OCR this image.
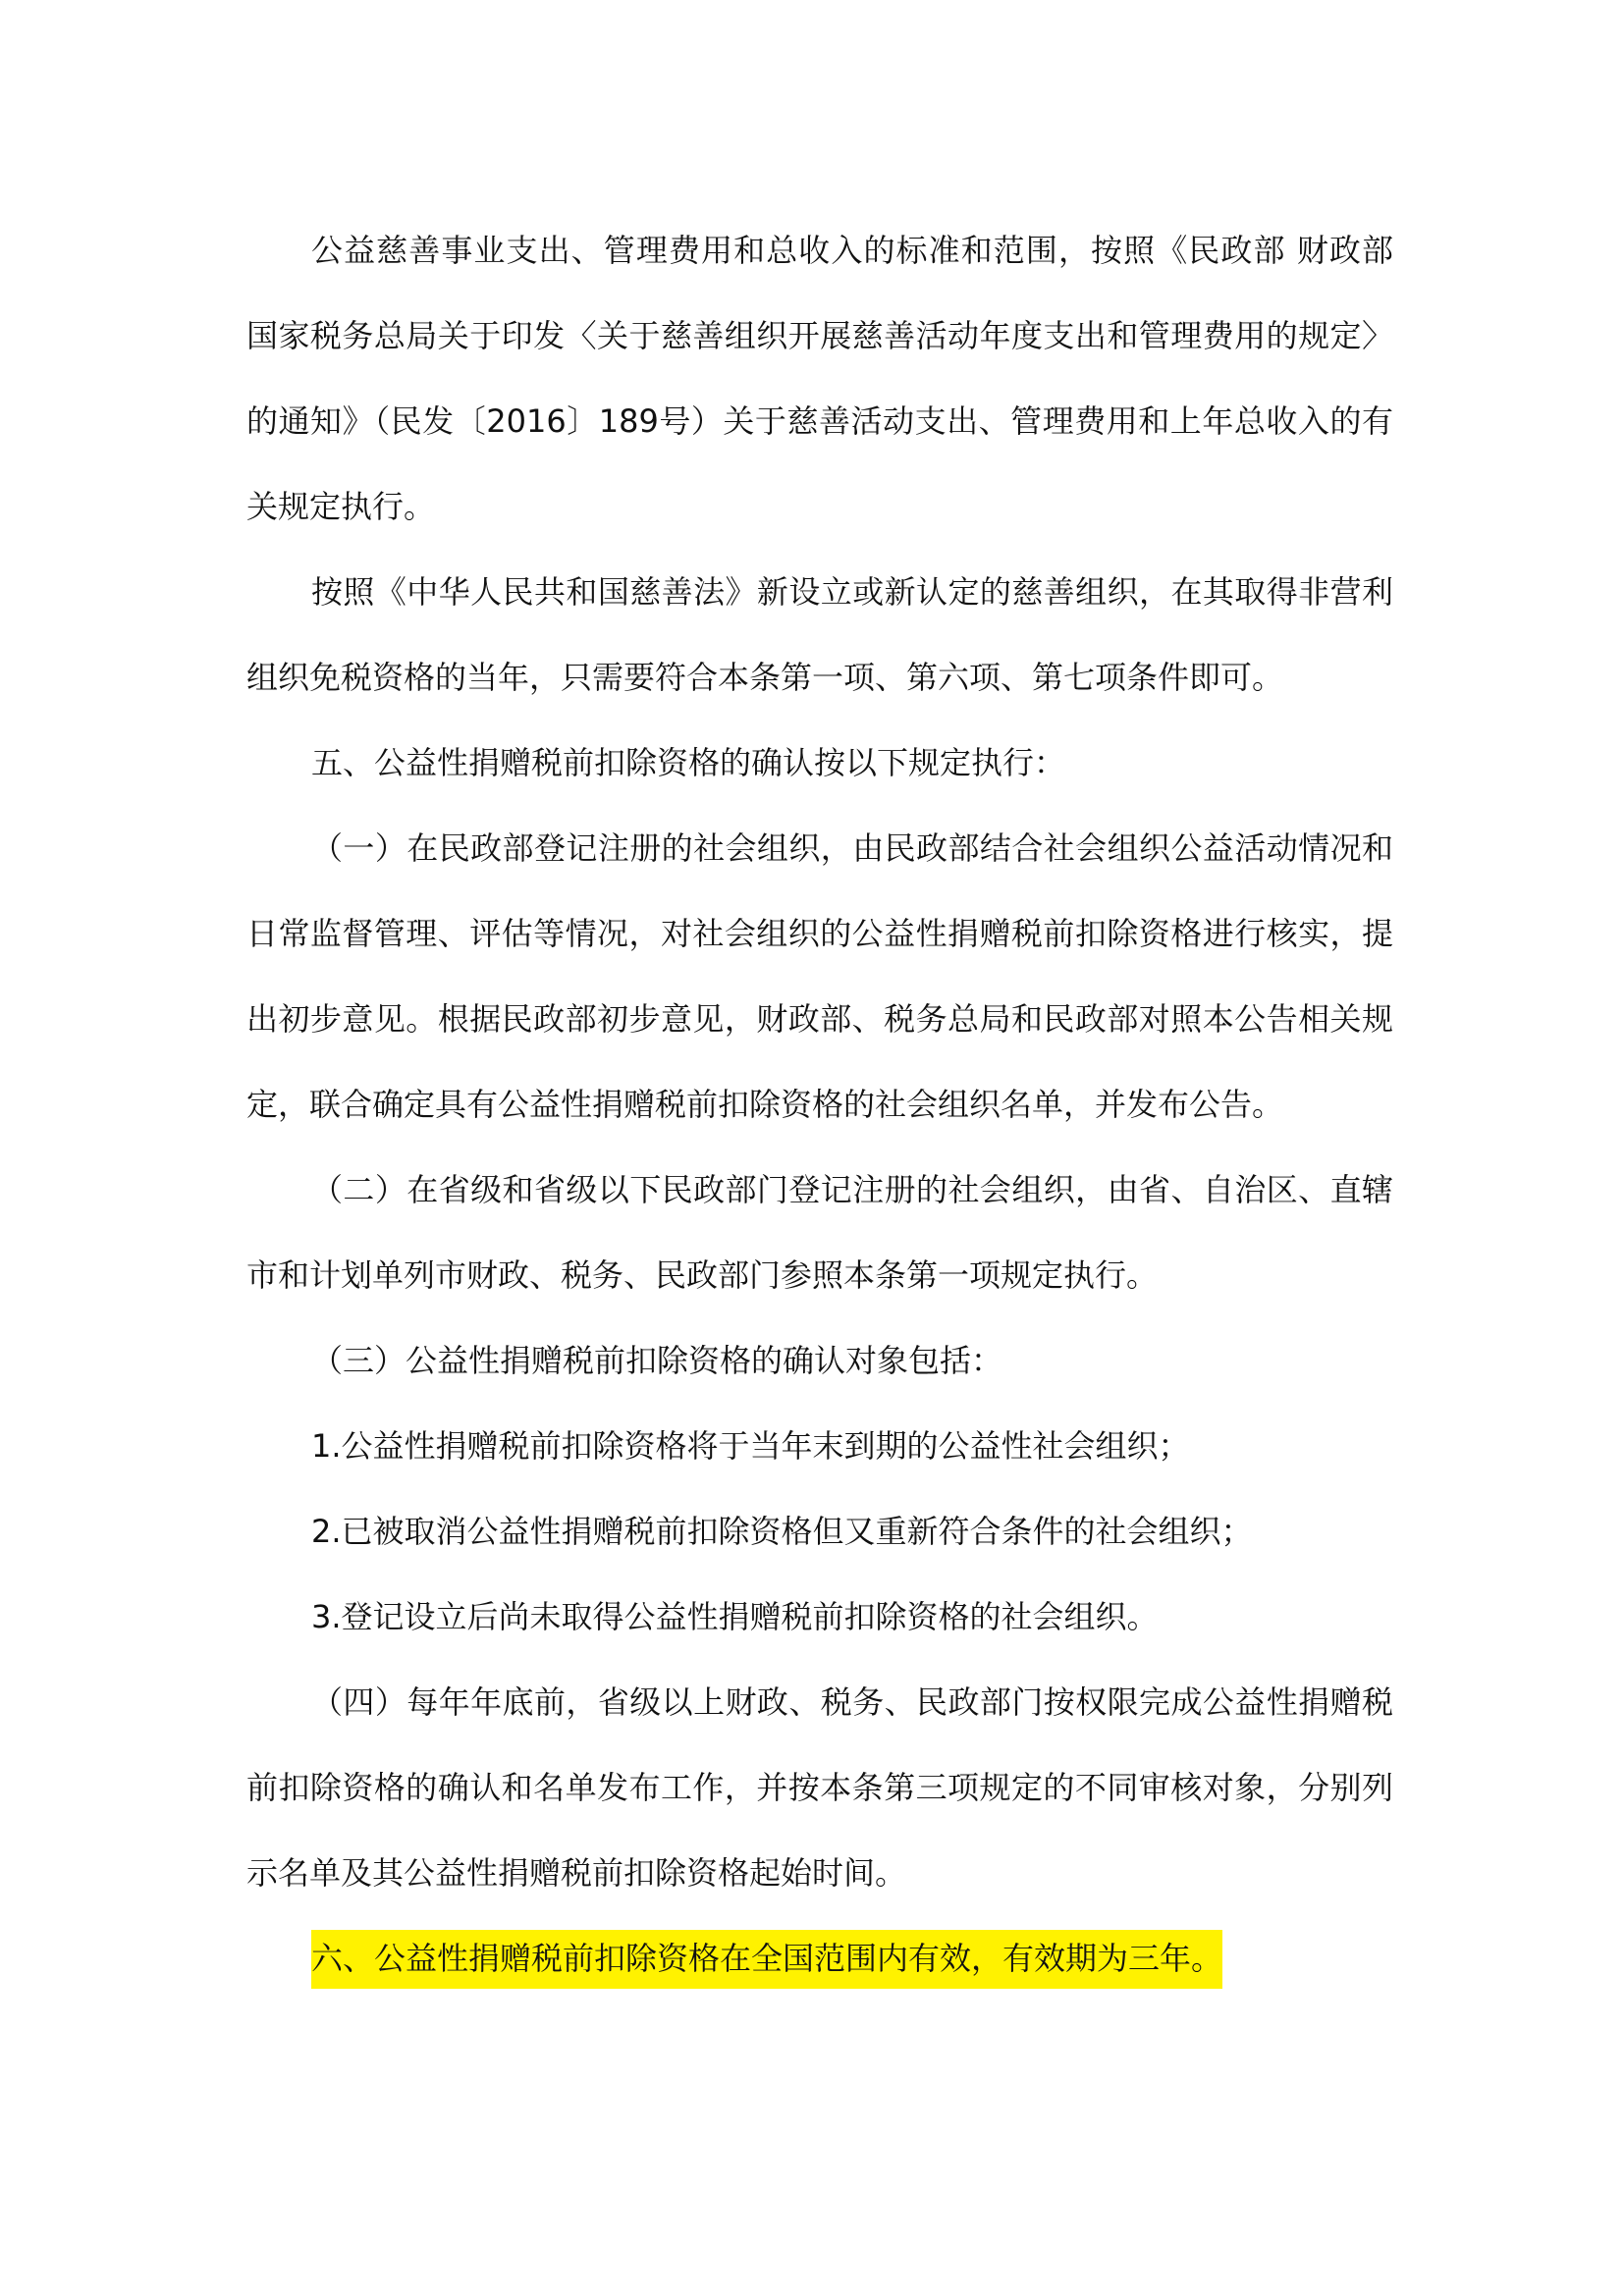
公益慈善事业支出、管理费用和总收入的标准和范围，按照《民政部 财政部 国家税务总局关于印发〈关于慈善组织开展慈善活动年度支出和管理费用的规定〉的通知》（民发〔2016〕189号）关于慈善活动支出、管理费用和上年总收入的有关规定执行。

按照《中华人民共和国慈善法》新设立或新认定的慈善组织，在其取得非营利组织免税资格的当年，只需要符合本条第一项、第六项、第七项条件即可。

五、公益性捐赠税前扣除资格的确认按以下规定执行：

（一）在民政部登记注册的社会组织，由民政部结合社会组织公益活动情况和日常监督管理、评估等情况，对社会组织的公益性捐赠税前扣除资格进行核实，提出初步意见。根据民政部初步意见，财政部、税务总局和民政部对照本公告相关规定，联合确定具有公益性捐赠税前扣除资格的社会组织名单，并发布公告。

（二）在省级和省级以下民政部门登记注册的社会组织，由省、自治区、直辖市和计划单列市财政、税务、民政部门参照本条第一项规定执行。

（三）公益性捐赠税前扣除资格的确认对象包括：

1.公益性捐赠税前扣除资格将于当年末到期的公益性社会组织；

2.已被取消公益性捐赠税前扣除资格但又重新符合条件的社会组织；

3.登记设立后尚未取得公益性捐赠税前扣除资格的社会组织。

（四）每年年底前，省级以上财政、税务、民政部门按权限完成公益性捐赠税前扣除资格的确认和名单发布工作，并按本条第三项规定的不同审核对象，分别列示名单及其公益性捐赠税前扣除资格起始时间。

六、公益性捐赠税前扣除资格在全国范围内有效，有效期为三年。
